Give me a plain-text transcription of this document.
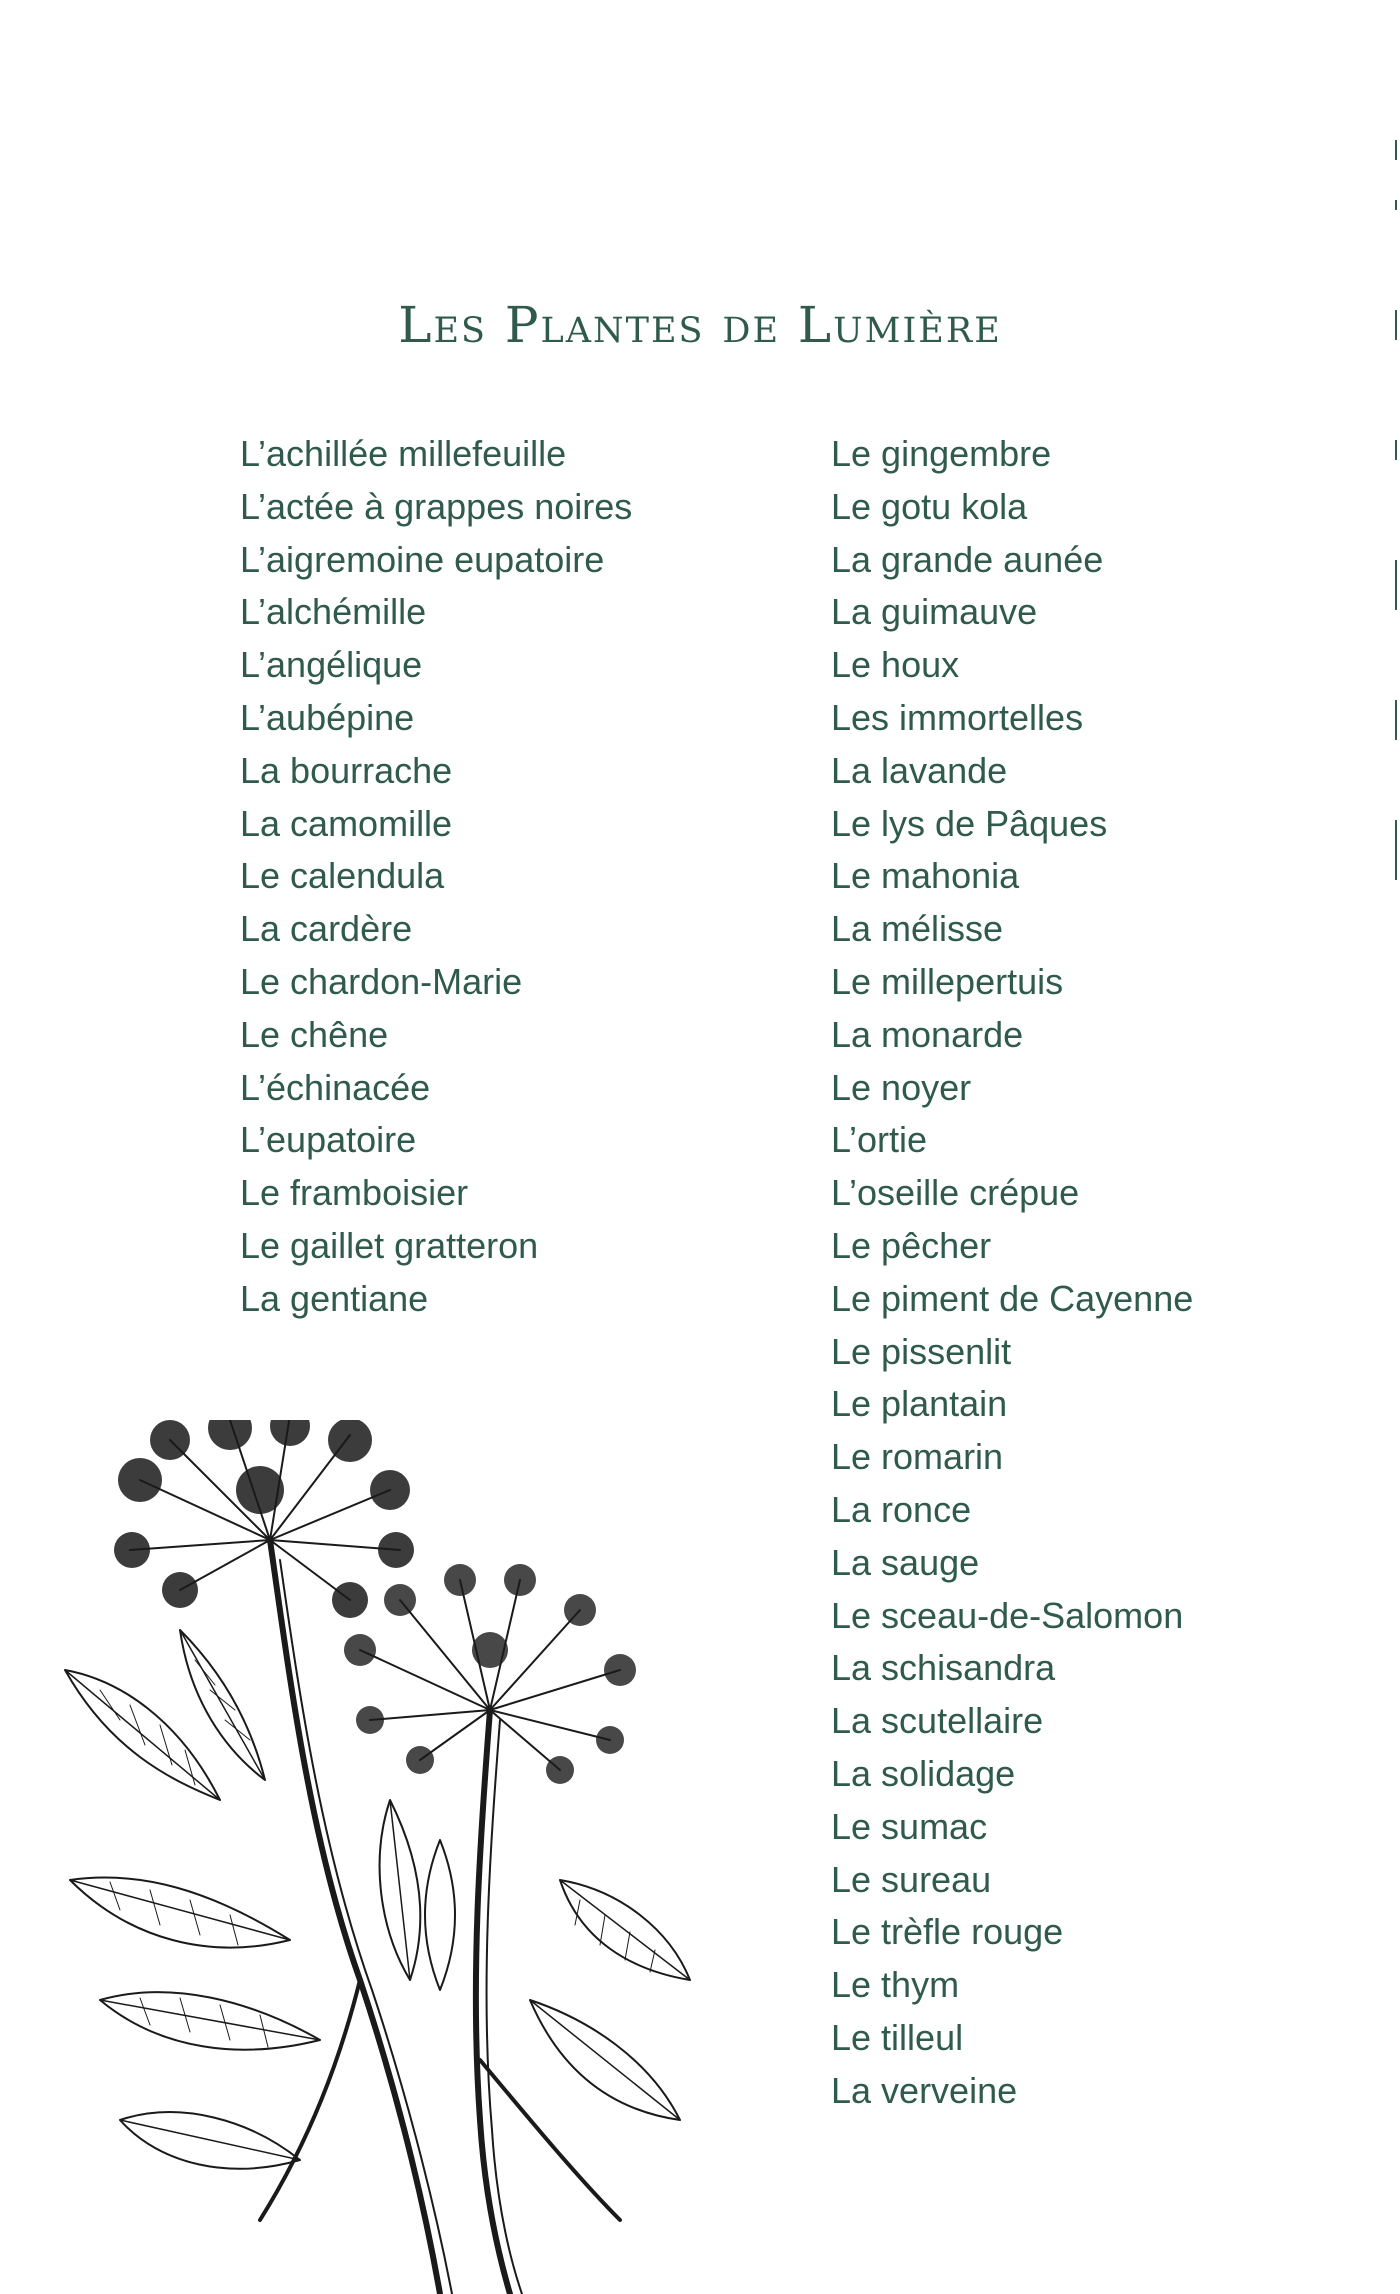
Les Plantes de Lumière
L’achillée millefeuille
L’actée à grappes noires
L’aigremoine eupatoire
L’alchémille
L’angélique
L’aubépine
La bourrache
La camomille
Le calendula
La cardère
Le chardon-Marie
Le chêne
L’échinacée
L’eupatoire
Le framboisier
Le gaillet gratteron
La gentiane
Le gingembre
Le gotu kola
La grande aunée
La guimauve
Le houx
Les immortelles
La lavande
Le lys de Pâques
Le mahonia
La mélisse
Le millepertuis
La monarde
Le noyer
L’ortie
L’oseille crépue
Le pêcher
Le piment de Cayenne
Le pissenlit
Le plantain
Le romarin
La ronce
La sauge
Le sceau-de-Salomon
La schisandra
La scutellaire
La solidage
Le sumac
Le sureau
Le trèfle rouge
Le thym
Le tilleul
La verveine
